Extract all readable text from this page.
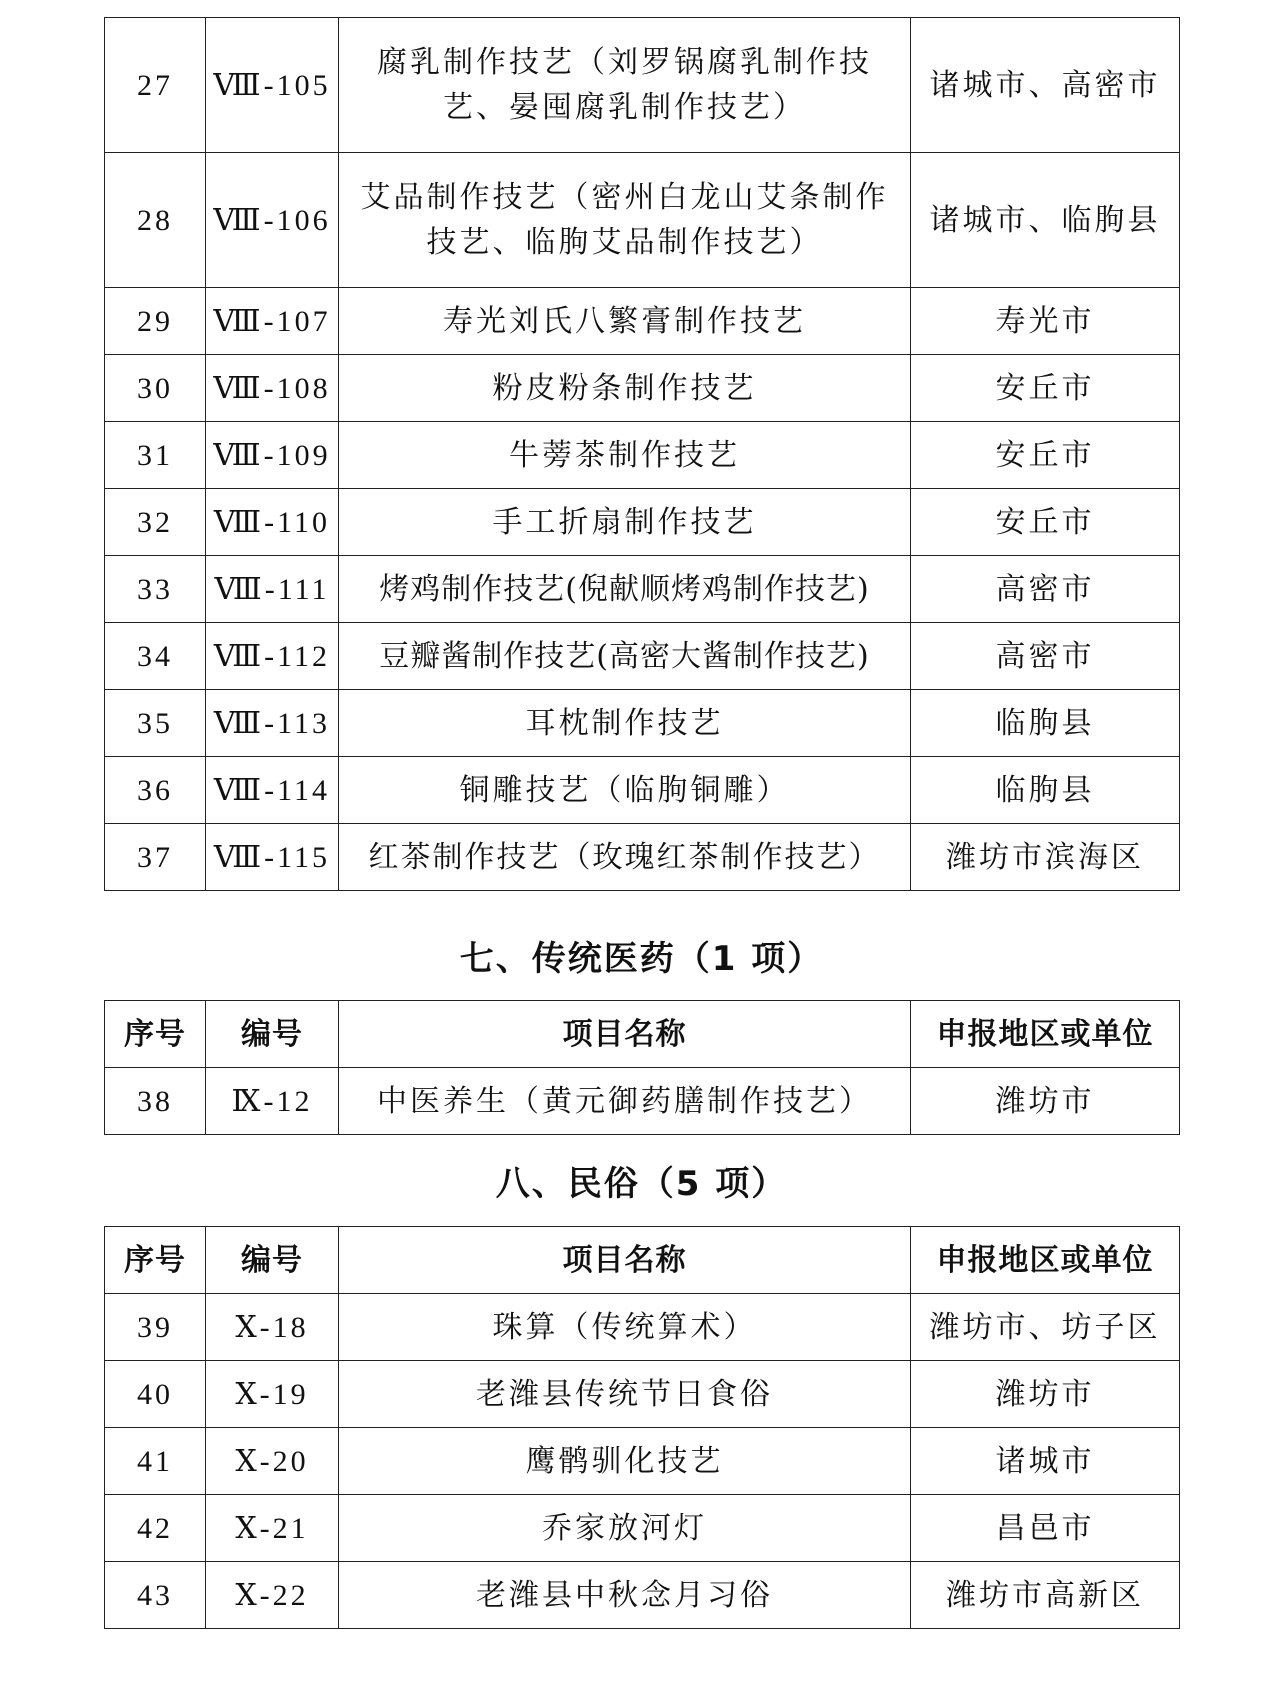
27	Ⅷ-105	腐乳制作技艺（刘罗锅腐乳制作技艺、晏囤腐乳制作技艺）	诸城市、高密市
28	Ⅷ-106	艾品制作技艺（密州白龙山艾条制作技艺、临朐艾品制作技艺）	诸城市、临朐县
29	Ⅷ-107	寿光刘氏八繁膏制作技艺	寿光市
30	Ⅷ-108	粉皮粉条制作技艺	安丘市
31	Ⅷ-109	牛蒡茶制作技艺	安丘市
32	Ⅷ-110	手工折扇制作技艺	安丘市
33	Ⅷ-111	烤鸡制作技艺(倪献顺烤鸡制作技艺)	高密市
34	Ⅷ-112	豆瓣酱制作技艺(高密大酱制作技艺)	高密市
35	Ⅷ-113	耳枕制作技艺	临朐县
36	Ⅷ-114	铜雕技艺（临朐铜雕）	临朐县
37	Ⅷ-115	红茶制作技艺（玫瑰红茶制作技艺）	潍坊市滨海区
七、传统医药（1 项）
序号	编号	项目名称	申报地区或单位
38	Ⅸ-12	中医养生（黄元御药膳制作技艺）	潍坊市
八、民俗（5 项）
序号	编号	项目名称	申报地区或单位
39	Ⅹ-18	珠算（传统算术）	潍坊市、坊子区
40	Ⅹ-19	老潍县传统节日食俗	潍坊市
41	Ⅹ-20	鹰鹘驯化技艺	诸城市
42	Ⅹ-21	乔家放河灯	昌邑市
43	Ⅹ-22	老潍县中秋念月习俗	潍坊市高新区
